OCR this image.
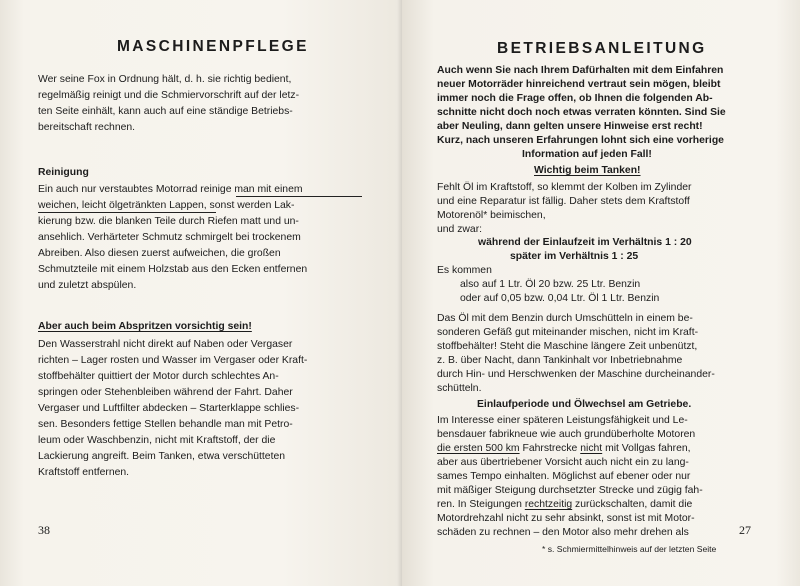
MASCHINENPFLEGE
Wer seine Fox in Ordnung hält, d. h. sie richtig bedient,
regelmäßig reinigt und die Schmiervorschrift auf der letz-
ten Seite einhält, kann auch auf eine ständige Betriebs-
bereitschaft rechnen.
Reinigung
Ein auch nur verstaubtes Motorrad reinige man mit einem
weichen, leicht ölgetränkten Lappen, sonst werden Lak-
kierung bzw. die blanken Teile durch Riefen matt und un-
ansehlich. Verhärteter Schmutz schmirgelt bei trockenem
Abreiben. Also diesen zuerst aufweichen, die großen
Schmutzteile mit einem Holzstab aus den Ecken entfernen
und zuletzt abspülen.
Aber auch beim Abspritzen vorsichtig sein!
Den Wasserstrahl nicht direkt auf Naben oder Vergaser
richten – Lager rosten und Wasser im Vergaser oder Kraft-
stoffbehälter quittiert der Motor durch schlechtes An-
springen oder Stehenbleiben während der Fahrt. Daher
Vergaser und Luftfilter abdecken – Starterklappe schlies-
sen. Besonders fettige Stellen behandle man mit Petro-
leum oder Waschbenzin, nicht mit Kraftstoff, der die
Lackierung angreift. Beim Tanken, etwa verschütteten
Kraftstoff entfernen.
38
BETRIEBSANLEITUNG
Auch wenn Sie nach Ihrem Dafürhalten mit dem Einfahren
neuer Motorräder hinreichend vertraut sein mögen, bleibt
immer noch die Frage offen, ob Ihnen die folgenden Ab-
schnitte nicht doch noch etwas verraten könnten. Sind Sie
aber Neuling, dann gelten unsere Hinweise erst recht!
Kurz, nach unseren Erfahrungen lohnt sich eine vorherige
Information auf jeden Fall!
Wichtig beim Tanken!
Fehlt Öl im Kraftstoff, so klemmt der Kolben im Zylinder
und eine Reparatur ist fällig. Daher stets dem Kraftstoff
Motorenöl* beimischen,
und zwar:
während der Einlaufzeit im Verhältnis 1 : 20
später im Verhältnis 1 : 25
Es kommen
also auf 1 Ltr. Öl 20 bzw. 25 Ltr. Benzin
oder auf 0,05 bzw. 0,04 Ltr. Öl 1 Ltr. Benzin
Das Öl mit dem Benzin durch Umschütteln in einem be-
sonderen Gefäß gut miteinander mischen, nicht im Kraft-
stoffbehälter! Steht die Maschine längere Zeit unbenützt,
z. B. über Nacht, dann Tankinhalt vor Inbetriebnahme
durch Hin- und Herschwenken der Maschine durcheinander-
schütteln.
Einlaufperiode und Ölwechsel am Getriebe.
Im Interesse einer späteren Leistungsfähigkeit und Le-
bensdauer fabrikneue wie auch grundüberholte Motoren
die ersten 500 km Fahrstrecke nicht mit Vollgas fahren,
aber aus übertriebener Vorsicht auch nicht ein zu lang-
sames Tempo einhalten. Möglichst auf ebener oder nur
mit mäßiger Steigung durchsetzter Strecke und zügig fah-
ren. In Steigungen rechtzeitig zurückschalten, damit die
Motordrehzahl nicht zu sehr absinkt, sonst ist mit Motor-
schäden zu rechnen – den Motor also mehr drehen als
* s. Schmiermittelhinweis auf der letzten Seite
27
